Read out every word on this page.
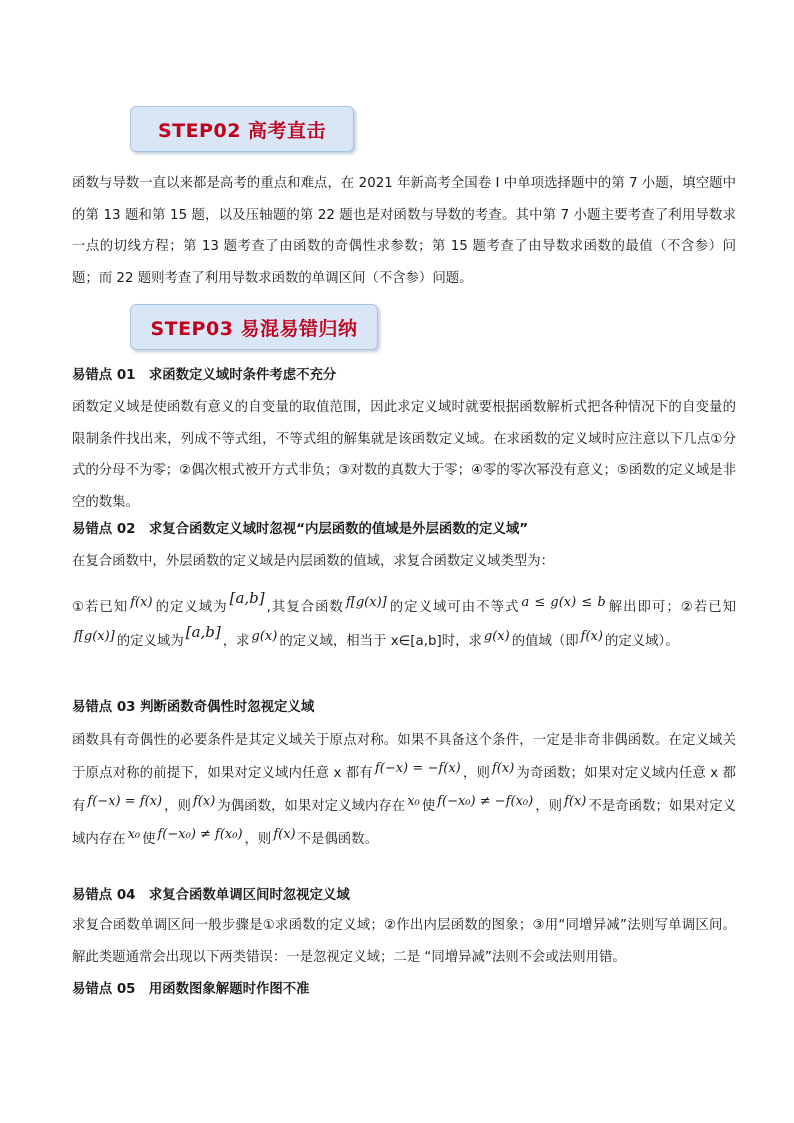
STEP02 高考直击

函数与导数一直以来都是高考的重点和难点，在 2021 年新高考全国卷 I 中单项选择题中的第 7 小题，填空题中的第 13 题和第 15 题，以及压轴题的第 22 题也是对函数与导数的考查。其中第 7 小题主要考查了利用导数求一点的切线方程；第 13 题考查了由函数的奇偶性求参数；第 15 题考查了由导数求函数的最值（不含参）问题；而 22 题则考查了利用导数求函数的单调区间（不含参）问题。

STEP03 易混易错归纳

易错点 01　求函数定义域时条件考虑不充分

函数定义域是使函数有意义的自变量的取值范围，因此求定义域时就要根据函数解析式把各种情况下的自变量的限制条件找出来，列成不等式组，不等式组的解集就是该函数定义域。在求函数的定义域时应注意以下几点①分式的分母不为零；②偶次根式被开方式非负；③对数的真数大于零；④零的零次幂没有意义；⑤函数的定义域是非空的数集。

易错点 02　求复合函数定义域时忽视“内层函数的值域是外层函数的定义域”

在复合函数中，外层函数的定义域是内层函数的值域，求复合函数定义域类型为：

①若已知 f(x) 的定义域为[a,b],其复合函数 f[g(x)] 的定义域可由不等式 a ≤ g(x) ≤ b 解出即可；②若已知f[g(x)] 的定义域为[a,b]，求 g(x) 的定义域，相当于 x∈[a,b]时，求 g(x) 的值域（即 f(x) 的定义域）。

易错点 03 判断函数奇偶性时忽视定义域

函数具有奇偶性的必要条件是其定义域关于原点对称。如果不具备这个条件，一定是非奇非偶函数。在定义域关于原点对称的前提下，如果对定义域内任意 x 都有 f(−x) = −f(x) ，则 f(x) 为奇函数；如果对定义域内任意 x 都有 f(−x) = f(x) ，则 f(x) 为偶函数，如果对定义域内存在 x₀ 使 f(−x₀) ≠ −f(x₀) ，则 f(x) 不是奇函数；如果对定义域内存在 x₀ 使 f(−x₀) ≠ f(x₀) ，则 f(x) 不是偶函数。

易错点 04　求复合函数单调区间时忽视定义域

求复合函数单调区间一般步骤是①求函数的定义域；②作出内层函数的图象；③用“同增异减”法则写单调区间。解此类题通常会出现以下两类错误：一是忽视定义域；二是 “同增异减”法则不会或法则用错。

易错点 05　用函数图象解题时作图不准
